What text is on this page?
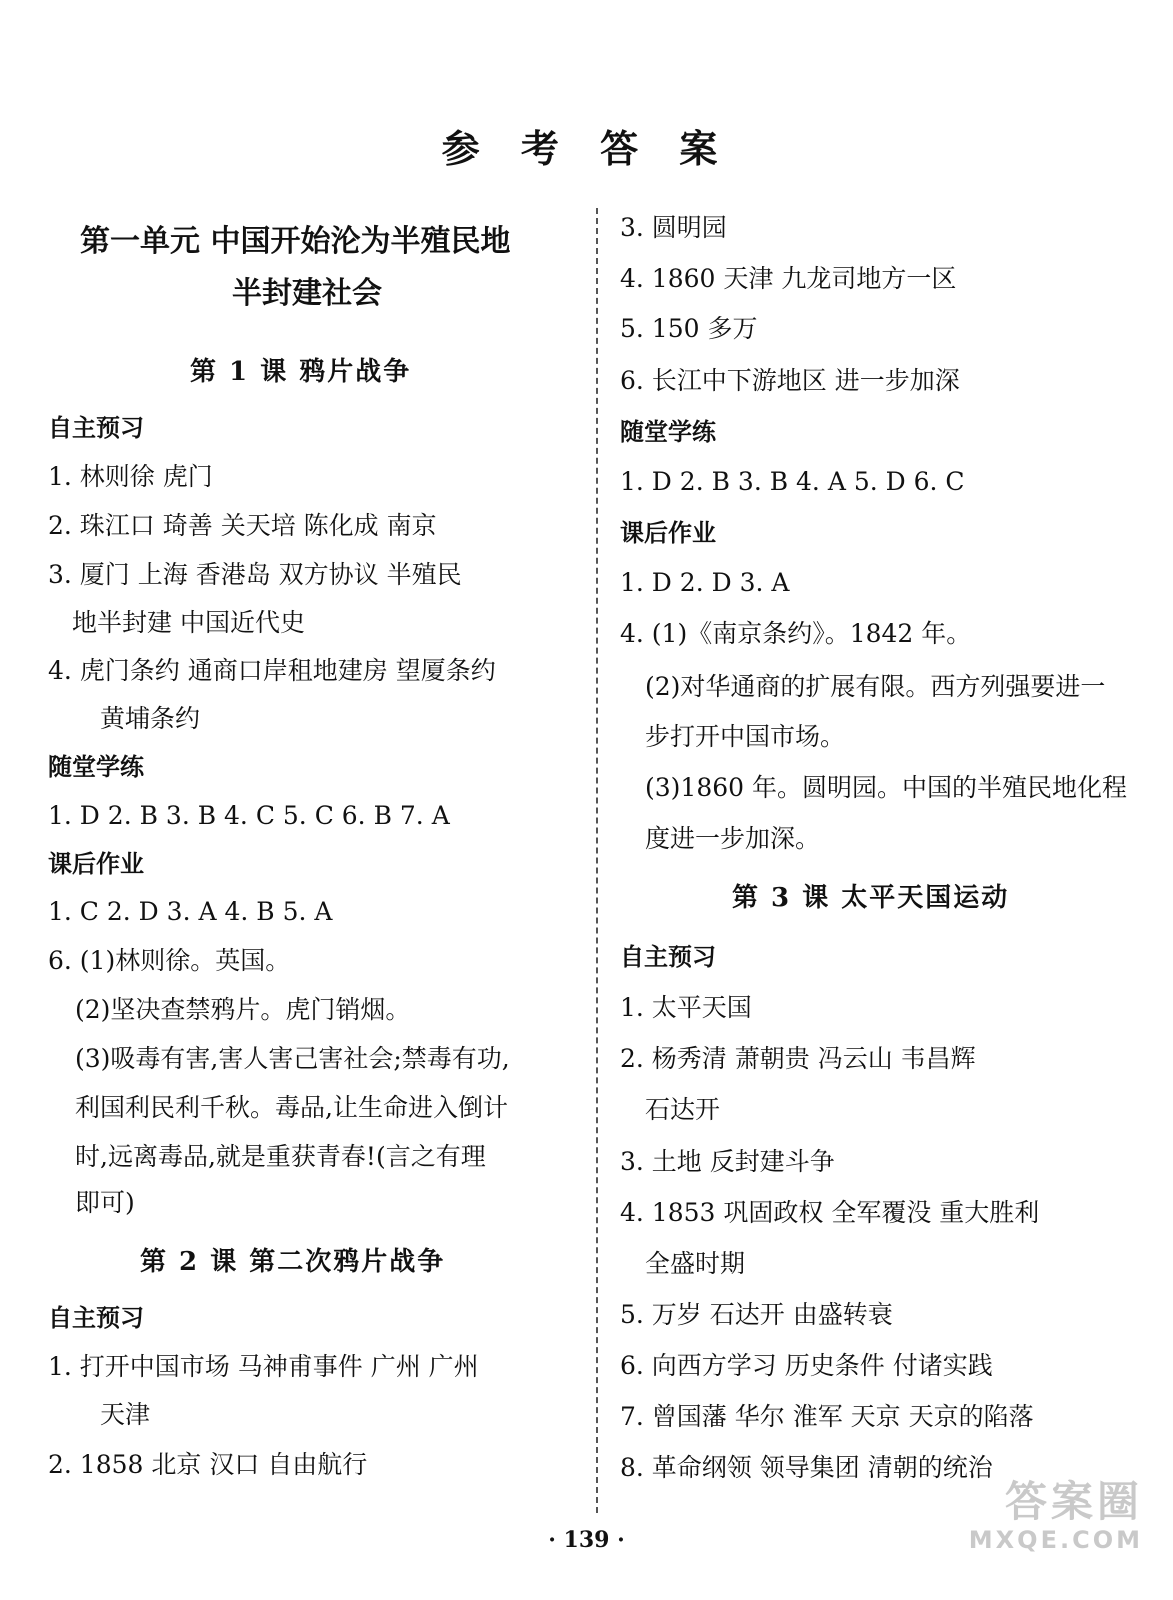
参 考 答 案
第一单元 中国开始沦为半殖民地
半封建社会
第 1 课 鸦片战争
自主预习
1. 林则徐 虎门
2. 珠江口 琦善 关天培 陈化成 南京
3. 厦门 上海 香港岛 双方协议 半殖民
地半封建 中国近代史
4. 虎门条约 通商口岸租地建房 望厦条约
黄埔条约
随堂学练
1. D 2. B 3. B 4. C 5. C 6. B 7. A
课后作业
1. C 2. D 3. A 4. B 5. A
6. (1)林则徐。英国。
(2)坚决查禁鸦片。虎门销烟。
(3)吸毒有害,害人害己害社会;禁毒有功,
利国利民利千秋。毒品,让生命进入倒计
时,远离毒品,就是重获青春!(言之有理
即可)
第 2 课 第二次鸦片战争
自主预习
1. 打开中国市场 马神甫事件 广州 广州
天津
2. 1858 北京 汉口 自由航行
3. 圆明园
4. 1860 天津 九龙司地方一区
5. 150 多万
6. 长江中下游地区 进一步加深
随堂学练
1. D 2. B 3. B 4. A 5. D 6. C
课后作业
1. D 2. D 3. A
4. (1)《南京条约》。1842 年。
(2)对华通商的扩展有限。西方列强要进一
步打开中国市场。
(3)1860 年。圆明园。中国的半殖民地化程
度进一步加深。
第 3 课 太平天国运动
自主预习
1. 太平天国
2. 杨秀清 萧朝贵 冯云山 韦昌辉
石达开
3. 土地 反封建斗争
4. 1853 巩固政权 全军覆没 重大胜利
全盛时期
5. 万岁 石达开 由盛转衰
6. 向西方学习 历史条件 付诸实践
7. 曾国藩 华尔 淮军 天京 天京的陷落
8. 革命纲领 领导集团 清朝的统治
· 139 ·
答案圈
MXQE.COM
